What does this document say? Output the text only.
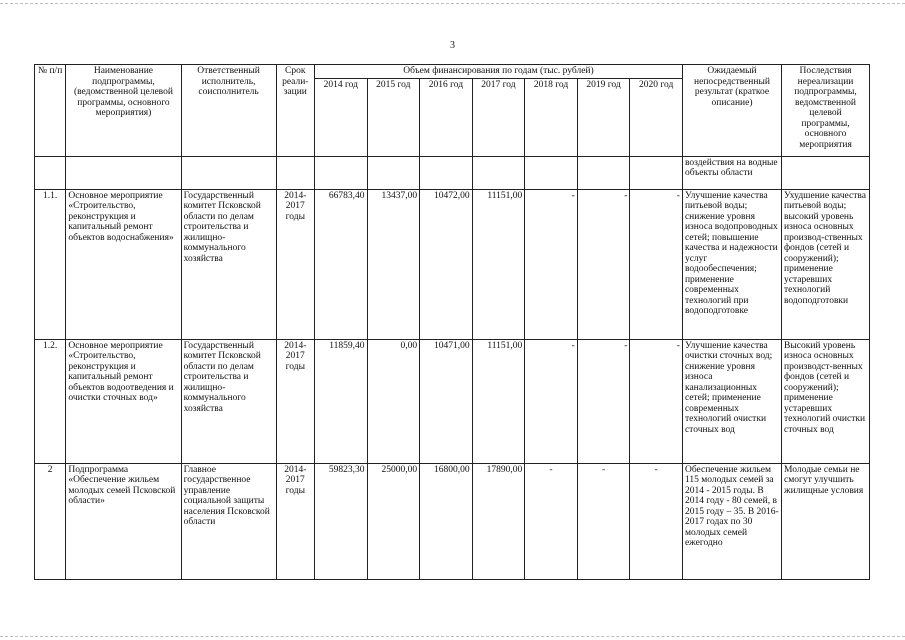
3
№ п/п	Наименование подпрограммы, (ведомственной целевой программы, основного мероприятия)	Ответственный исполнитель, соисполнитель	Срок реали-зации	Объем финансирования по годам (тыс. рублей)							Ожидаемый непосредственный результат (краткое описание)	Последствия нереализации подпрограммы, ведомственной целевой программы, основного мероприятия
				2014 год	2015 год	2016 год	2017 год	2018 год	2019 год	2020 год		
											воздействия на водные объекты области	
1.1.	Основное мероприятие «Строительство, реконструкция и капитальный ремонт объектов водоснабжения»	Государственный комитет Псковской области по делам строительства и жилищно-коммунального хозяйства	2014-2017 годы	66783,40	13437,00	10472,00	11151,00	-	-	-	Улучшение качества питьевой воды; снижение уровня износа водопроводных сетей; повышение качества и надежности услуг водообеспечения; применение современных технологий при водоподготовке	Ухудшение качества питьевой воды; высокий уровень износа основных производ-ственных фондов (сетей и сооружений); применение устаревших технологий водоподготовки
1.2.	Основное мероприятие «Строительство, реконструкция и капитальный ремонт объектов водоотведения и очистки сточных вод»	Государственный комитет Псковской области по делам строительства и жилищно-коммунального хозяйства	2014-2017 годы	11859,40	0,00	10471,00	11151,00	-	-	-	Улучшение качества очистки сточных вод; снижение уровня износа канализационных сетей; применение современных технологий очистки сточных вод	Высокий уровень износа основных производст-венных фондов (сетей и сооружений); применение устаревших технологий очистки сточных вод
2	Подпрограмма «Обеспечение жильем молодых семей Псковской области»	Главное государственное управление социальной защиты населения Псковской области	2014-2017 годы	59823,30	25000,00	16800,00	17890,00	-	-	-	Обеспечение жильем 115 молодых семей за 2014 - 2015 годы. В 2014 году - 80 семей, в 2015 году – 35. В 2016-2017 годах по 30 молодых семей ежегодно	Молодые семьи не смогут улучшить жилищные условия
